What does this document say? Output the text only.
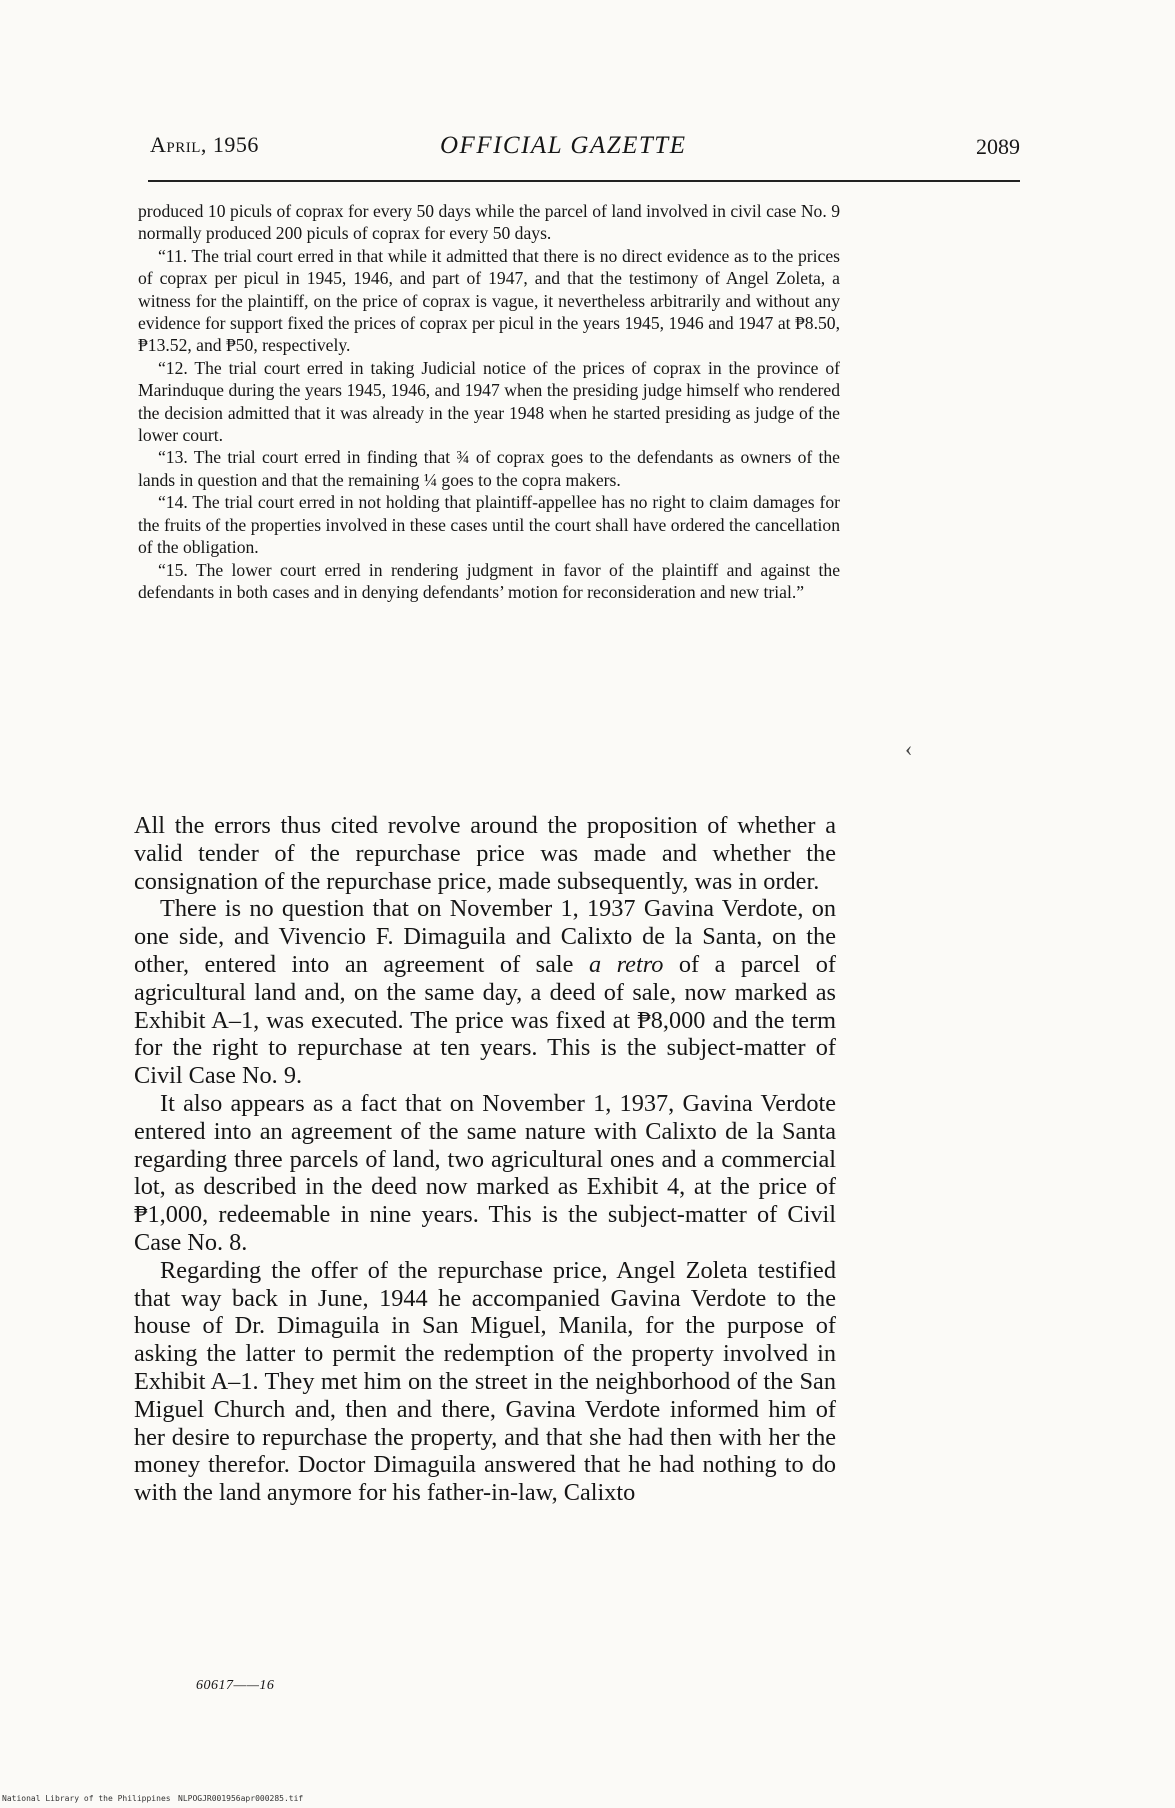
April, 1956	OFFICIAL GAZETTE	2089

produced 10 piculs of coprax for every 50 days while the parcel of land involved in civil case No. 9 normally produced 200 piculs of coprax for every 50 days.

“11. The trial court erred in that while it admitted that there is no direct evidence as to the prices of coprax per picul in 1945, 1946, and part of 1947, and that the testimony of Angel Zoleta, a witness for the plaintiff, on the price of coprax is vague, it nevertheless arbitrarily and without any evidence for support fixed the prices of coprax per picul in the years 1945, 1946 and 1947 at ₱8.50, ₱13.52, and ₱50, respectively.

“12. The trial court erred in taking Judicial notice of the prices of coprax in the province of Marinduque during the years 1945, 1946, and 1947 when the presiding judge himself who rendered the decision admitted that it was already in the year 1948 when he started presiding as judge of the lower court.

“13. The trial court erred in finding that ¾ of coprax goes to the defendants as owners of the lands in question and that the remaining ¼ goes to the copra makers.

“14. The trial court erred in not holding that plaintiff-appellee has no right to claim damages for the fruits of the properties involved in these cases until the court shall have ordered the cancellation of the obligation.

“15. The lower court erred in rendering judgment in favor of the plaintiff and against the defendants in both cases and in denying defendants’ motion for reconsideration and new trial.”

All the errors thus cited revolve around the proposition of whether a valid tender of the repurchase price was made and whether the consignation of the repurchase price, made subsequently, was in order.

There is no question that on November 1, 1937 Gavina Verdote, on one side, and Vivencio F. Dimaguila and Calixto de la Santa, on the other, entered into an agreement of sale a retro of a parcel of agricultural land and, on the same day, a deed of sale, now marked as Exhibit A–1, was executed. The price was fixed at ₱8,000 and the term for the right to repurchase at ten years. This is the subject-matter of Civil Case No. 9.

It also appears as a fact that on November 1, 1937, Gavina Verdote entered into an agreement of the same nature with Calixto de la Santa regarding three parcels of land, two agricultural ones and a commercial lot, as described in the deed now marked as Exhibit 4, at the price of ₱1,000, redeemable in nine years. This is the subject-matter of Civil Case No. 8.

Regarding the offer of the repurchase price, Angel Zoleta testified that way back in June, 1944 he accompanied Gavina Verdote to the house of Dr. Dimaguila in San Miguel, Manila, for the purpose of asking the latter to permit the redemption of the property involved in Exhibit A–1. They met him on the street in the neighborhood of the San Miguel Church and, then and there, Gavina Verdote informed him of her desire to repurchase the property, and that she had then with her the money therefor. Doctor Dimaguila answered that he had nothing to do with the land anymore for his father-in-law, Calixto

‹
60617——16
National Library of the Philippines NLPOGJR001956apr000285.tif
